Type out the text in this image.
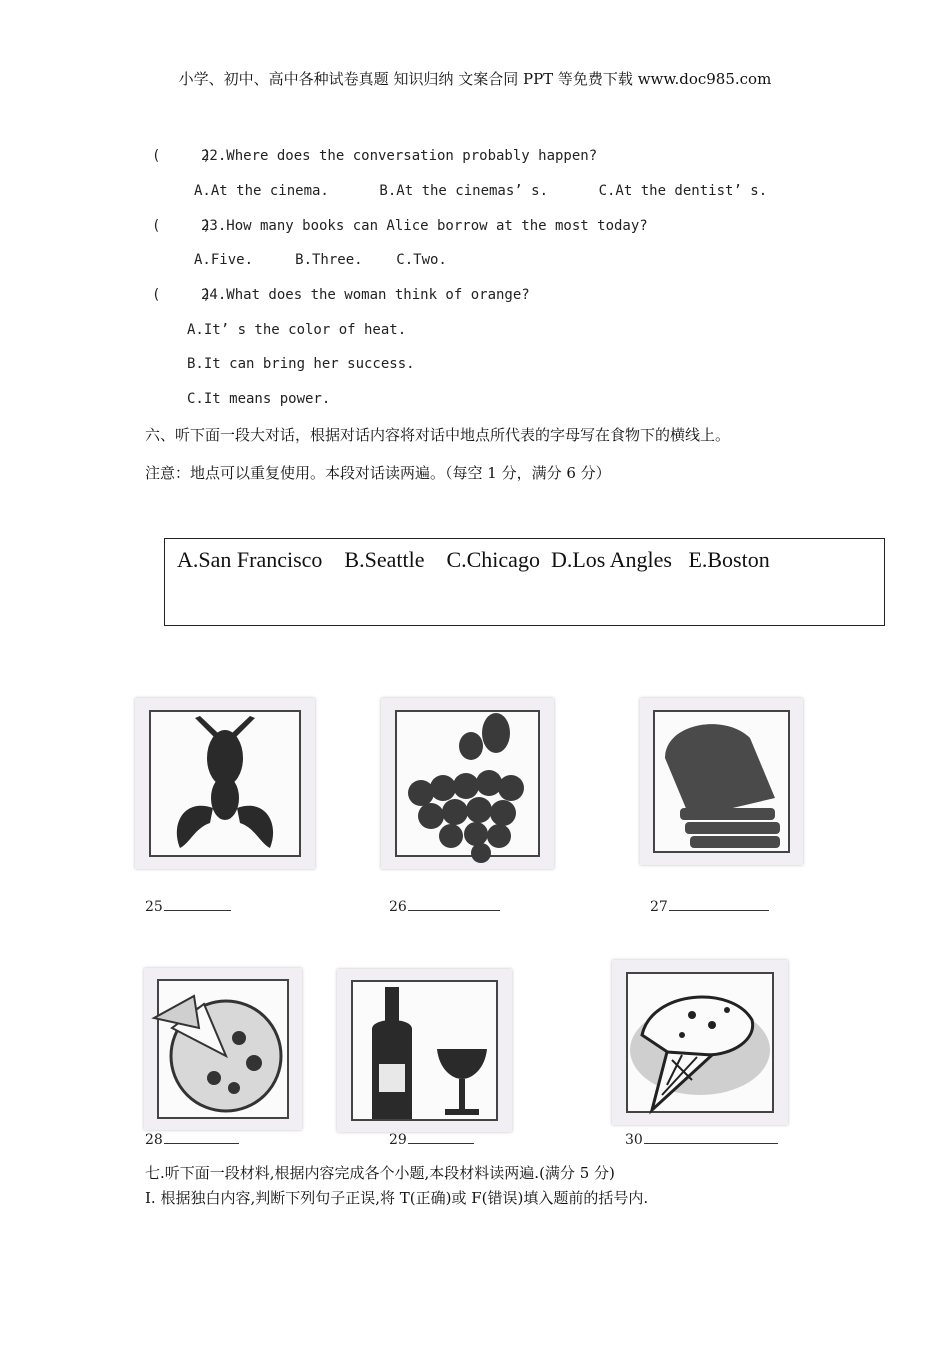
小学、初中、高中各种试卷真题 知识归纳 文案合同 PPT 等免费下载 www.doc985.com
(     )
22.Where does the conversation probably happen?
A.At the cinema.      B.At the cinemas’ s.      C.At the dentist’ s.
(     )
23.How many books can Alice borrow at the most today?
A.Five.     B.Three.    C.Two.
(     )
24.What does the woman think of orange?
A.It’ s the color of heat.
B.It can bring her success.
C.It means power.
六、听下面一段大对话，根据对话内容将对话中地点所代表的字母写在食物下的横线上。
注意：地点可以重复使用。本段对话读两遍。（每空 1 分，满分 6 分）
A.San Francisco    B.Seattle    C.Chicago  D.Los Angles   E.Boston
25	26	27
28	29	30
七.听下面一段材料,根据内容完成各个小题,本段材料读两遍.(满分 5 分)
I. 根据独白内容,判断下列句子正误,将 T(正确)或 F(错误)填入题前的括号内.
